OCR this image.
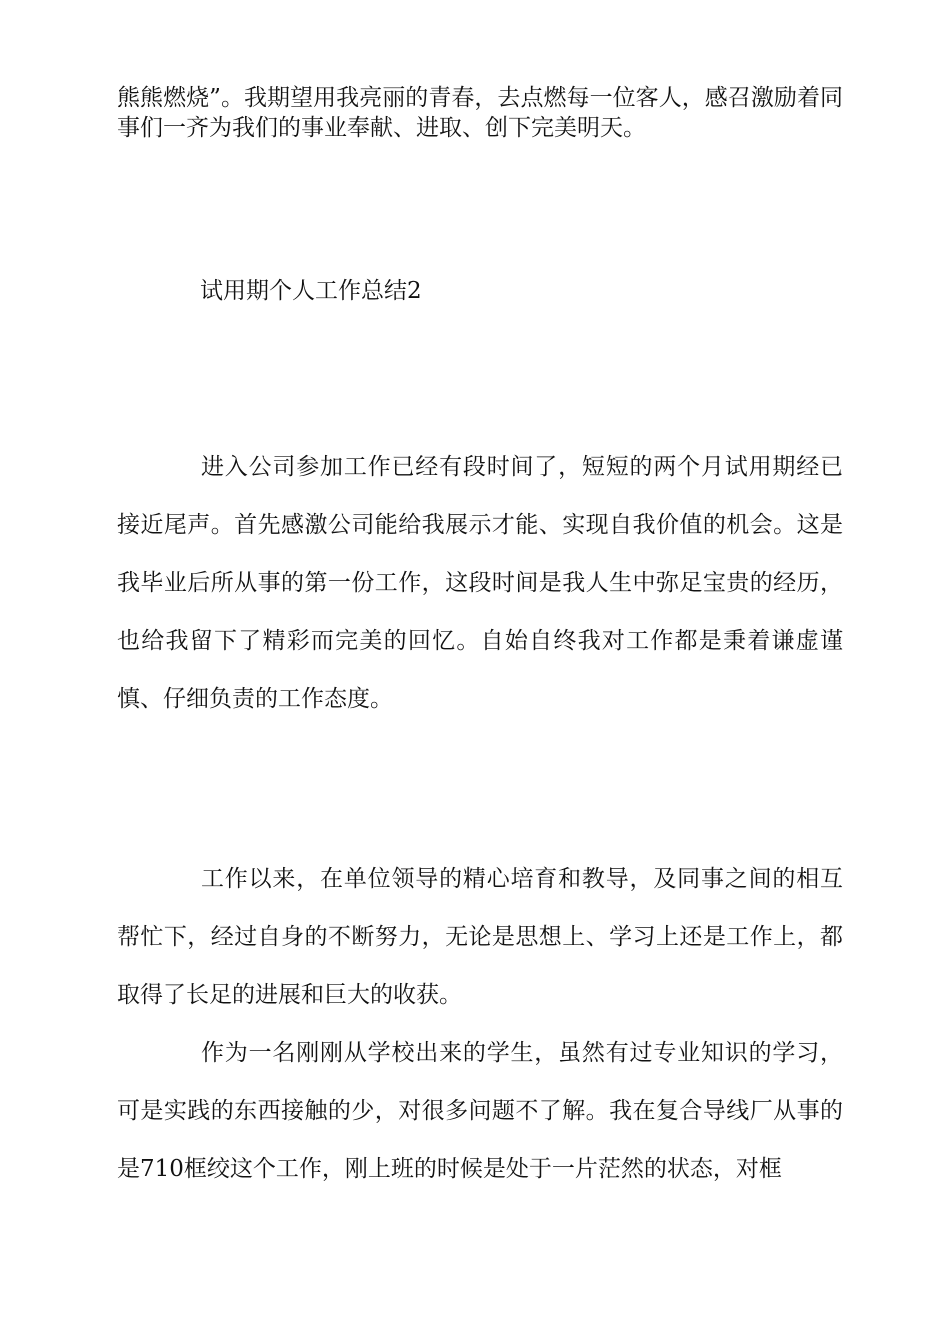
熊熊燃烧”。我期望用我亮丽的青春，去点燃每一位客人，感召激励着同事们一齐为我们的事业奉献、进取、创下完美明天。

试用期个人工作总结2

进入公司参加工作已经有段时间了，短短的两个月试用期经已接近尾声。首先感激公司能给我展示才能、实现自我价值的机会。这是我毕业后所从事的第一份工作，这段时间是我人生中弥足宝贵的经历，也给我留下了精彩而完美的回忆。自始自终我对工作都是秉着谦虚谨慎、仔细负责的工作态度。

工作以来，在单位领导的精心培育和教导，及同事之间的相互帮忙下，经过自身的不断努力，无论是思想上、学习上还是工作上，都取得了长足的进展和巨大的收获。

作为一名刚刚从学校出来的学生，虽然有过专业知识的学习，可是实践的东西接触的少，对很多问题不了解。我在复合导线厂从事的是710框绞这个工作，刚上班的时候是处于一片茫然的状态，对框
